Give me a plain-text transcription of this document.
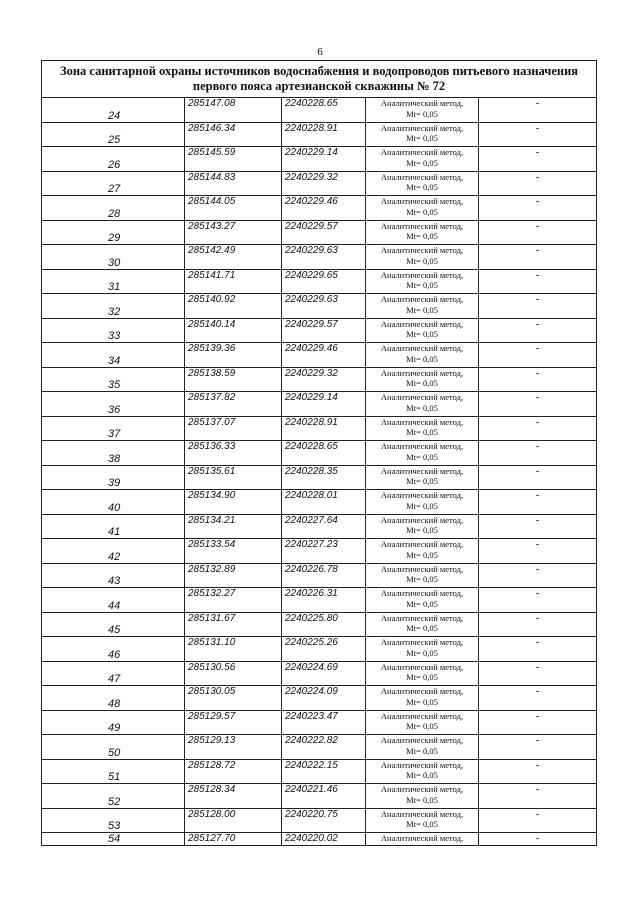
6
Зона санитарной охраны источников водоснабжения и водопроводов питьевого назначения первого пояса артезианской скважины № 72				
24	285147.08	2240228.65	Аналитический метод,
Mt= 0,05	-
25	285146.34	2240228.91	Аналитический метод,
Mt= 0,05	-
26	285145.59	2240229.14	Аналитический метод,
Mt= 0,05	-
27	285144.83	2240229.32	Аналитический метод,
Mt= 0,05	-
28	285144.05	2240229.46	Аналитический метод,
Mt= 0,05	-
29	285143.27	2240229.57	Аналитический метод,
Mt= 0,05	-
30	285142.49	2240229.63	Аналитический метод,
Mt= 0,05	-
31	285141.71	2240229.65	Аналитический метод,
Mt= 0,05	-
32	285140.92	2240229.63	Аналитический метод,
Mt= 0,05	-
33	285140.14	2240229.57	Аналитический метод,
Mt= 0,05	-
34	285139.36	2240229.46	Аналитический метод,
Mt= 0,05	-
35	285138.59	2240229.32	Аналитический метод,
Mt= 0,05	-
36	285137.82	2240229.14	Аналитический метод,
Mt= 0,05	-
37	285137.07	2240228.91	Аналитический метод,
Mt= 0,05	-
38	285136.33	2240228.65	Аналитический метод,
Mt= 0,05	-
39	285135.61	2240228.35	Аналитический метод,
Mt= 0,05	-
40	285134.90	2240228.01	Аналитический метод,
Mt= 0,05	-
41	285134.21	2240227.64	Аналитический метод,
Mt= 0,05	-
42	285133.54	2240227.23	Аналитический метод,
Mt= 0,05	-
43	285132.89	2240226.78	Аналитический метод,
Mt= 0,05	-
44	285132.27	2240226.31	Аналитический метод,
Mt= 0,05	-
45	285131.67	2240225.80	Аналитический метод,
Mt= 0,05	-
46	285131.10	2240225.26	Аналитический метод,
Mt= 0,05	-
47	285130.56	2240224.69	Аналитический метод,
Mt= 0,05	-
48	285130.05	2240224.09	Аналитический метод,
Mt= 0,05	-
49	285129.57	2240223.47	Аналитический метод,
Mt= 0,05	-
50	285129.13	2240222.82	Аналитический метод,
Mt= 0,05	-
51	285128.72	2240222.15	Аналитический метод,
Mt= 0,05	-
52	285128.34	2240221.46	Аналитический метод,
Mt= 0,05	-
53	285128.00	2240220.75	Аналитический метод,
Mt= 0,05	-
54	285127.70	2240220.02	Аналитический метод,	-
